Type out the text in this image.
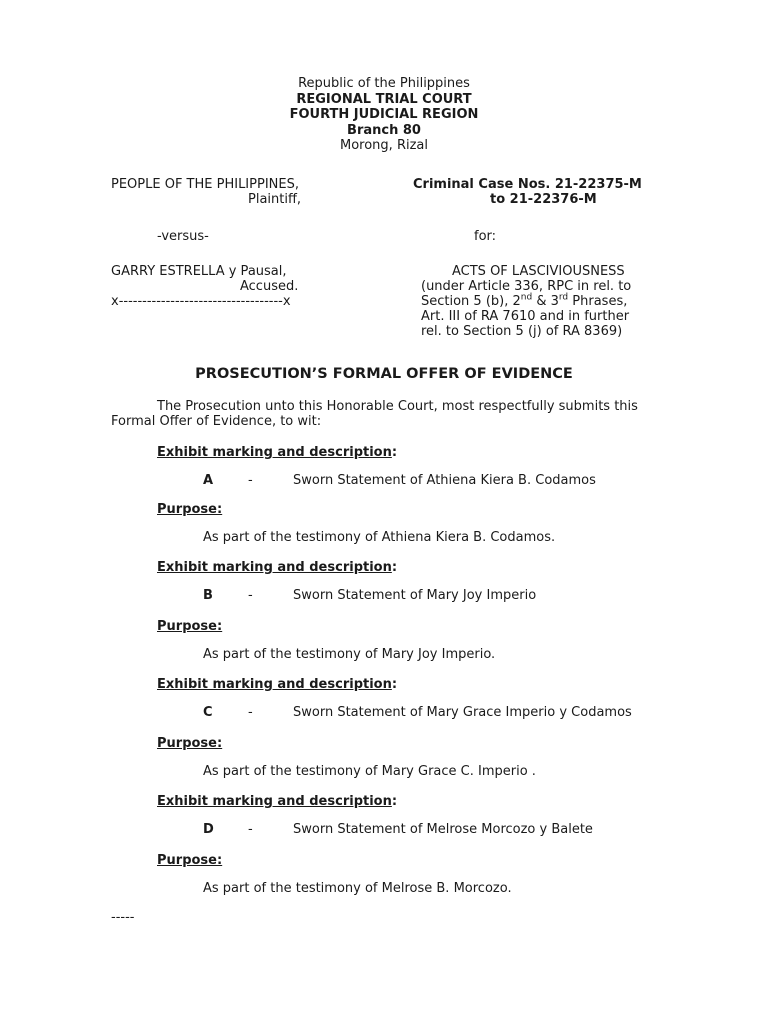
Republic of the Philippines
REGIONAL TRIAL COURT
FOURTH JUDICIAL REGION
Branch 80
Morong, Rizal
PEOPLE OF THE PHILIPPINES,
Plaintiff,
-versus-
GARRY ESTRELLA y Pausal,
Accused.
x-----------------------------------x
Criminal Case Nos. 21-22375-M
to 21-22376-M
for:
ACTS OF LASCIVIOUSNESS
(under Article 336, RPC in rel. to
Section 5 (b), 2nd & 3rd Phrases,
Art. III of RA 7610 and in further
rel. to Section 5 (j) of RA 8369)
PROSECUTION’S FORMAL OFFER OF EVIDENCE
The Prosecution unto this Honorable Court, most respectfully submits this
Formal Offer of Evidence, to wit:
Exhibit marking and description:
A	-	Sworn Statement of Athiena Kiera B. Codamos
Purpose:
As part of the testimony of Athiena Kiera B. Codamos.
Exhibit marking and description:
B	-	Sworn Statement of Mary Joy Imperio
Purpose:
As part of the testimony of Mary Joy Imperio.
Exhibit marking and description:
C	-	Sworn Statement of Mary Grace Imperio y Codamos
Purpose:
As part of the testimony of Mary Grace C. Imperio .
Exhibit marking and description:
D	-	Sworn Statement of Melrose Morcozo y Balete
Purpose:
As part of the testimony of Melrose B. Morcozo.
-----
